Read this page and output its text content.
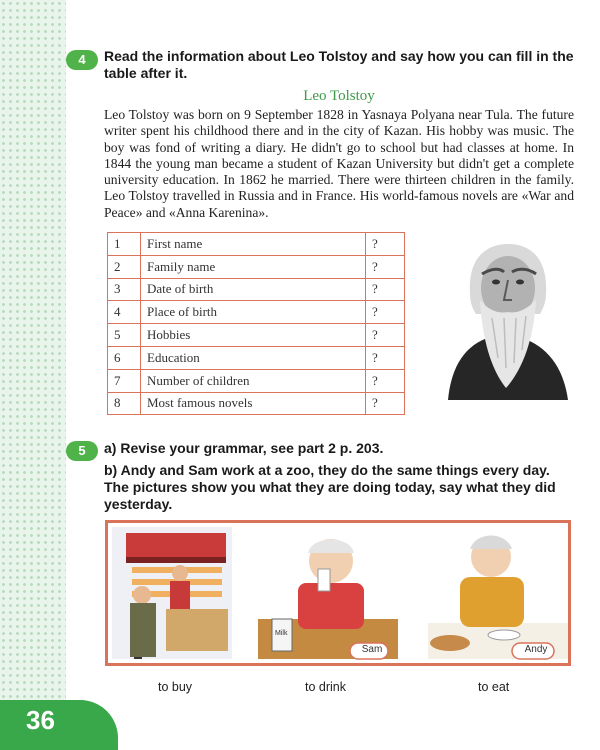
36
4	Read the information about Leo Tolstoy and say how you can fill in the table after it.
Leo Tolstoy

Leo Tolstoy was born on 9 September 1828 in Yasnaya Polyana near Tula. The future writer spent his childhood there and in the city of Kazan. His hobby was music. The boy was fond of writing a diary. He didn't go to school but had classes at home. In 1844 the young man became a student of Kazan University but didn't get a complete university education. In 1862 he married. There were thirteen children in the family. Leo Tolstoy travelled in Russia and in France. His world-famous novels are «War and Peace» and «Anna Karenina».

1	First name	?
2	Family name	?
3	Date of birth	?
4	Place of birth	?
5	Hobbies	?
6	Education	?
7	Number of children	?
8	Most famous novels	?
5	a) Revise your grammar, see part 2 p. 203.
b) Andy and Sam work at a zoo, they do the same things every day. The pictures show you what they are doing today, say what they did yesterday.
Milk
Sam	Andy
to buy	to drink	to eat
